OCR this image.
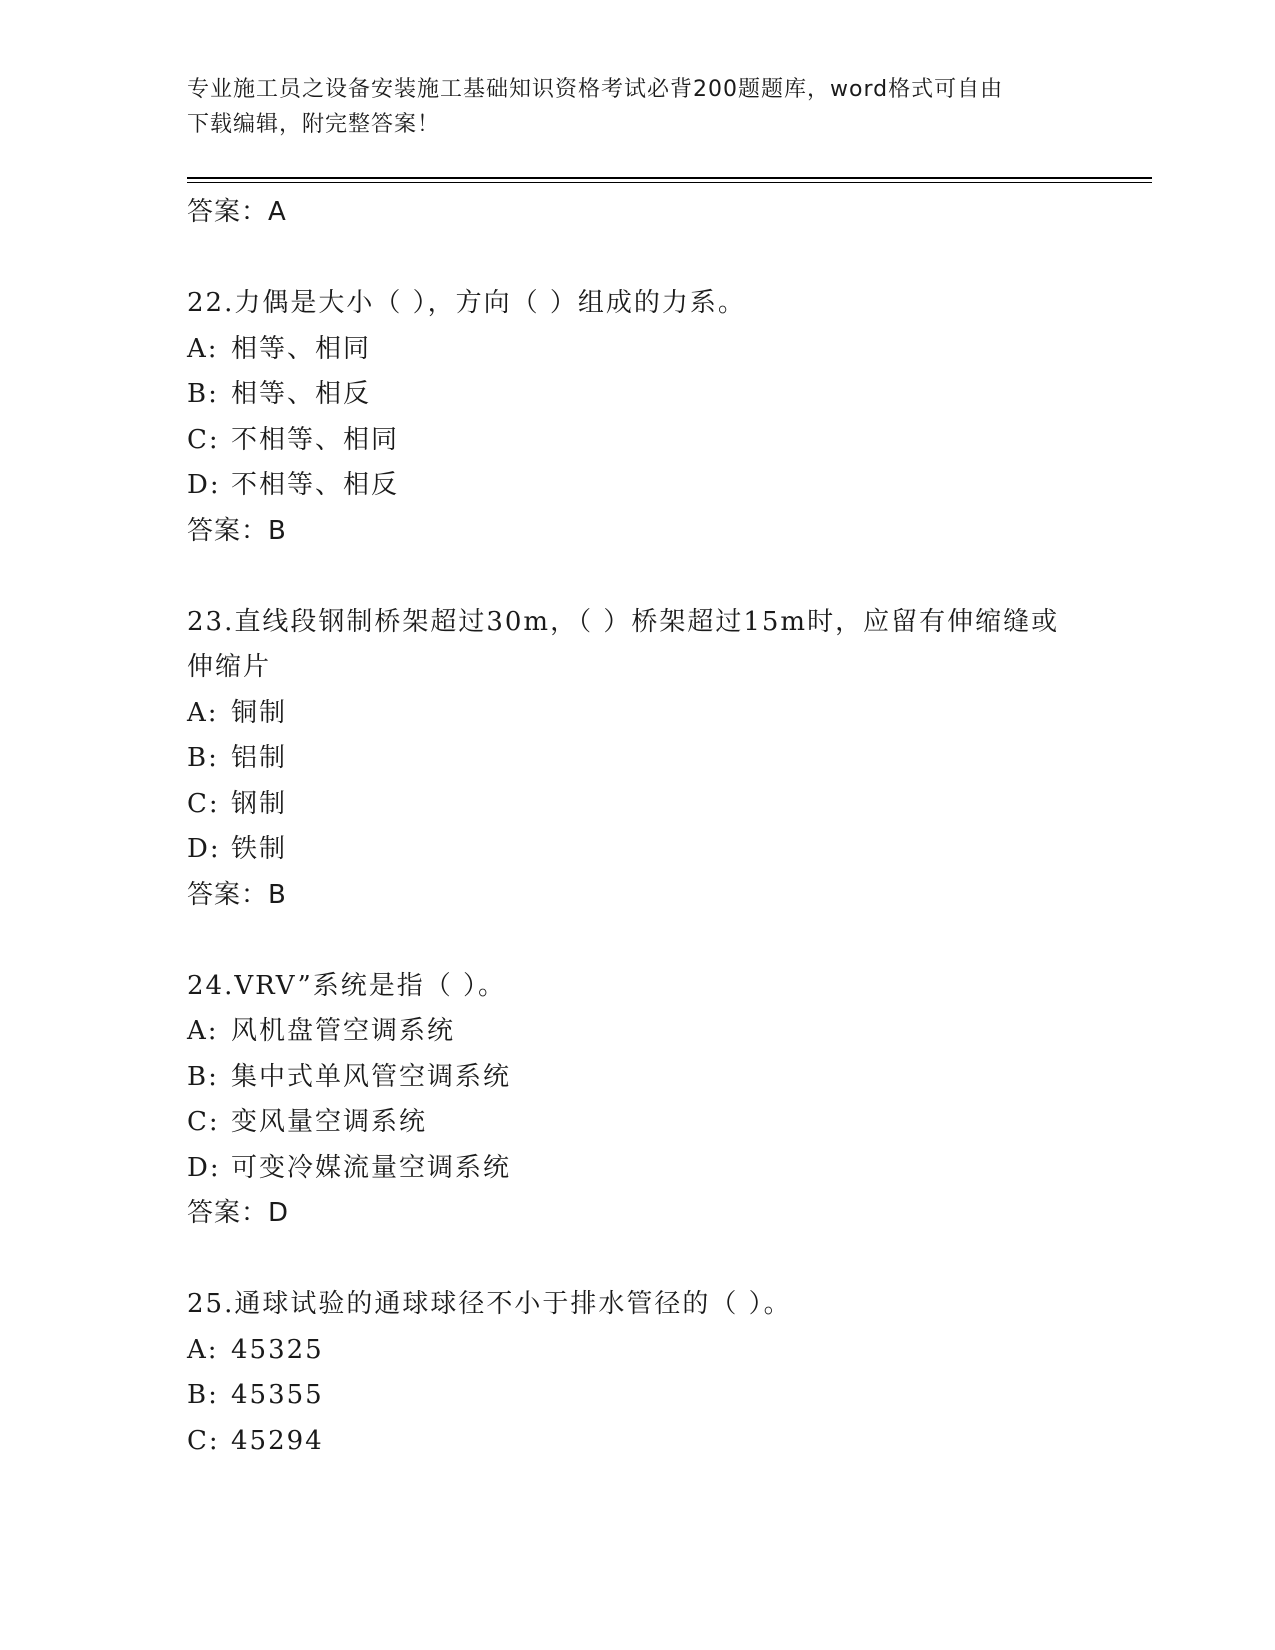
专业施工员之设备安装施工基础知识资格考试必背200题题库，word格式可自由
下载编辑，附完整答案！
答案：A
22.力偶是大小（ ），方向（ ）组成的力系。
A: 相等、相同
B: 相等、相反
C: 不相等、相同
D: 不相等、相反
答案：B
23.直线段钢制桥架超过30m，（ ）桥架超过15m时，应留有伸缩缝或
伸缩片
A: 铜制
B: 铝制
C: 钢制
D: 铁制
答案：B
24.VRV”系统是指（ ）。
A: 风机盘管空调系统
B: 集中式单风管空调系统
C: 变风量空调系统
D: 可变冷媒流量空调系统
答案：D
25.通球试验的通球球径不小于排水管径的（ ）。
A: 45325
B: 45355
C: 45294
